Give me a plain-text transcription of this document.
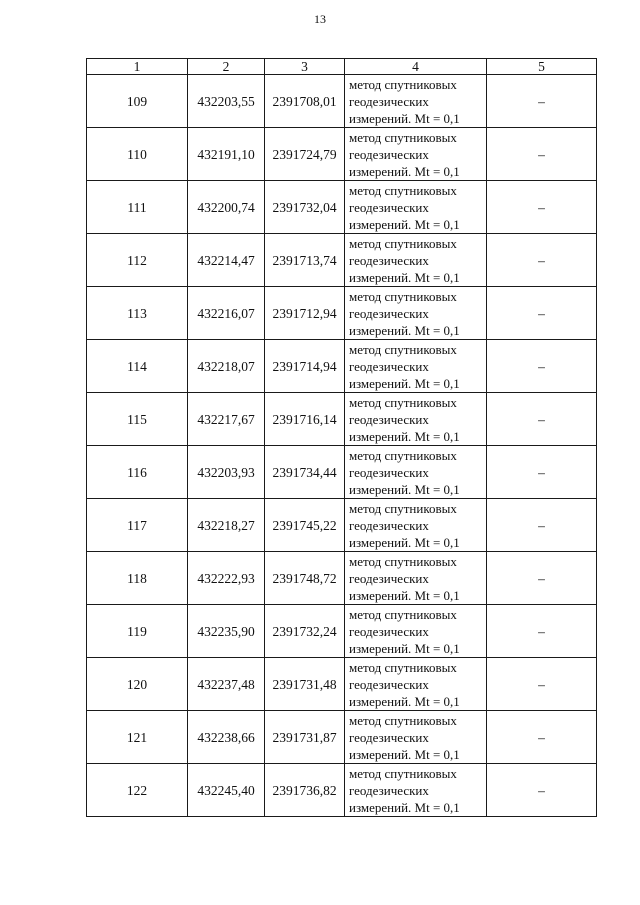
13
1	2	3	4	5
109	432203,55	2391708,01	метод спутниковых
геодезических
измерений. Mt = 0,1	–
110	432191,10	2391724,79	метод спутниковых
геодезических
измерений. Mt = 0,1	–
111	432200,74	2391732,04	метод спутниковых
геодезических
измерений. Mt = 0,1	–
112	432214,47	2391713,74	метод спутниковых
геодезических
измерений. Mt = 0,1	–
113	432216,07	2391712,94	метод спутниковых
геодезических
измерений. Mt = 0,1	–
114	432218,07	2391714,94	метод спутниковых
геодезических
измерений. Mt = 0,1	–
115	432217,67	2391716,14	метод спутниковых
геодезических
измерений. Mt = 0,1	–
116	432203,93	2391734,44	метод спутниковых
геодезических
измерений. Mt = 0,1	–
117	432218,27	2391745,22	метод спутниковых
геодезических
измерений. Mt = 0,1	–
118	432222,93	2391748,72	метод спутниковых
геодезических
измерений. Mt = 0,1	–
119	432235,90	2391732,24	метод спутниковых
геодезических
измерений. Mt = 0,1	–
120	432237,48	2391731,48	метод спутниковых
геодезических
измерений. Mt = 0,1	–
121	432238,66	2391731,87	метод спутниковых
геодезических
измерений. Mt = 0,1	–
122	432245,40	2391736,82	метод спутниковых
геодезических
измерений. Mt = 0,1	–
